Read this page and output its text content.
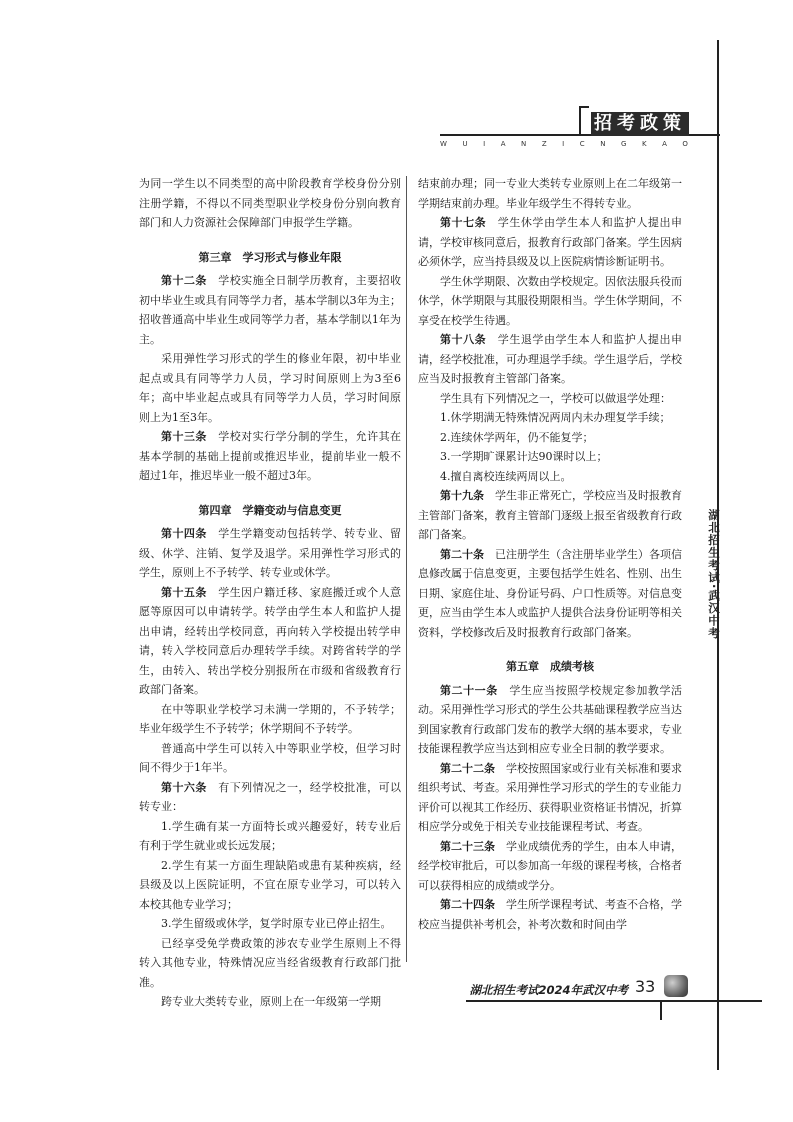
招考政策
W U I A N Z I C N G K A O

为同一学生以不同类型的高中阶段教育学校身份分别注册学籍，不得以不同类型职业学校身份分别向教育部门和人力资源社会保障部门申报学生学籍。

第三章　学习形式与修业年限

第十二条　 学校实施全日制学历教育，主要招收初中毕业生或具有同等学力者，基本学制以3年为主；招收普通高中毕业生或同等学力者，基本学制以1年为主。

采用弹性学习形式的学生的修业年限，初中毕业起点或具有同等学力人员，学习时间原则上为3至6年；高中毕业起点或具有同等学力人员，学习时间原则上为1至3年。

第十三条　 学校对实行学分制的学生，允许其在基本学制的基础上提前或推迟毕业，提前毕业一般不超过1年，推迟毕业一般不超过3年。

第四章　学籍变动与信息变更

第十四条　 学生学籍变动包括转学、转专业、留级、休学、注销、复学及退学。采用弹性学习形式的学生，原则上不予转学、转专业或休学。

第十五条　 学生因户籍迁移、家庭搬迁或个人意愿等原因可以申请转学。转学由学生本人和监护人提出申请，经转出学校同意，再向转入学校提出转学申请，转入学校同意后办理转学手续。对跨省转学的学生，由转入、转出学校分别报所在市级和省级教育行政部门备案。

在中等职业学校学习未满一学期的，不予转学；毕业年级学生不予转学；休学期间不予转学。

普通高中学生可以转入中等职业学校，但学习时间不得少于1年半。

第十六条　 有下列情况之一，经学校批准，可以转专业：

1.学生确有某一方面特长或兴趣爱好，转专业后有利于学生就业或长远发展；

2.学生有某一方面生理缺陷或患有某种疾病，经县级及以上医院证明，不宜在原专业学习，可以转入本校其他专业学习；

3.学生留级或休学，复学时原专业已停止招生。

已经享受免学费政策的涉农专业学生原则上不得转入其他专业，特殊情况应当经省级教育行政部门批准。

跨专业大类转专业，原则上在一年级第一学期

结束前办理；同一专业大类转专业原则上在二年级第一学期结束前办理。毕业年级学生不得转专业。

第十七条　 学生休学由学生本人和监护人提出申请，学校审核同意后，报教育行政部门备案。学生因病必须休学，应当持县级及以上医院病情诊断证明书。

学生休学期限、次数由学校规定。因依法服兵役而休学，休学期限与其服役期限相当。学生休学期间，不享受在校学生待遇。

第十八条　 学生退学由学生本人和监护人提出申请，经学校批准，可办理退学手续。学生退学后，学校应当及时报教育主管部门备案。

学生具有下列情况之一，学校可以做退学处理：

1.休学期满无特殊情况两周内未办理复学手续；

2.连续休学两年，仍不能复学；

3.一学期旷课累计达90课时以上；

4.擅自离校连续两周以上。

第十九条　 学生非正常死亡，学校应当及时报教育主管部门备案，教育主管部门逐级上报至省级教育行政部门备案。

第二十条　 已注册学生（含注册毕业学生）各项信息修改属于信息变更，主要包括学生姓名、性别、出生日期、家庭住址、身份证号码、户口性质等。对信息变更，应当由学生本人或监护人提供合法身份证明等相关资料，学校修改后及时报教育行政部门备案。

第五章　成绩考核

第二十一条　 学生应当按照学校规定参加教学活动。采用弹性学习形式的学生公共基础课程教学应当达到国家教育行政部门发布的教学大纲的基本要求，专业技能课程教学应当达到相应专业全日制的教学要求。

第二十二条　 学校按照国家或行业有关标准和要求组织考试、考查。采用弹性学习形式的学生的专业能力评价可以视其工作经历、获得职业资格证书情况，折算相应学分或免于相关专业技能课程考试、考查。

第二十三条　 学业成绩优秀的学生，由本人申请，经学校审批后，可以参加高一年级的课程考核，合格者可以获得相应的成绩或学分。

第二十四条　 学生所学课程考试、考查不合格，学校应当提供补考机会，补考次数和时间由学

湖北招生考试·武汉中考
湖北招生考试2024年武汉中考 33
